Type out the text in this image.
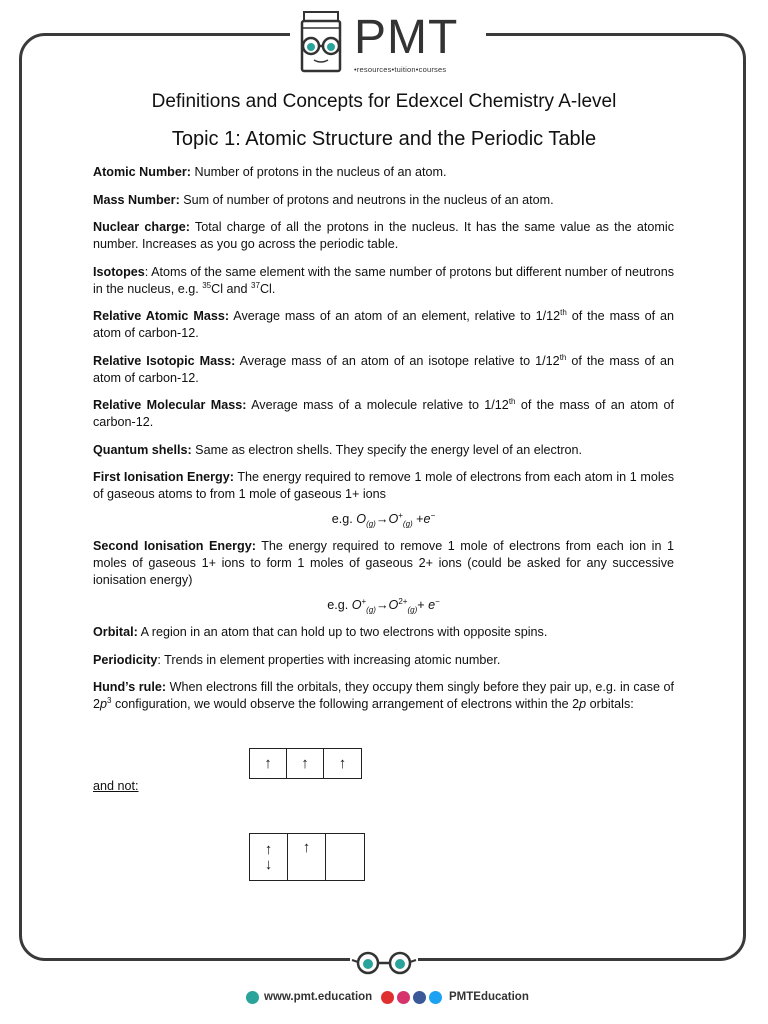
PMT
•resources•tuition•courses
Definitions and Concepts for Edexcel Chemistry A-level
Topic 1: Atomic Structure and the Periodic Table

Atomic Number: Number of protons in the nucleus of an atom.

Mass Number: Sum of number of protons and neutrons in the nucleus of an atom.

Nuclear charge: Total charge of all the protons in the nucleus. It has the same value as the atomic number. Increases as you go across the periodic table.

Isotopes: Atoms of the same element with the same number of protons but different number of neutrons in the nucleus, e.g. $^{35}$Cl and $^{37}$Cl.

Relative Atomic Mass: Average mass of an atom of an element, relative to 1/12th of the mass of an atom of carbon-12.

Relative Isotopic Mass: Average mass of an atom of an isotope relative to 1/12th of the mass of an atom of carbon-12.

Relative Molecular Mass: Average mass of a molecule relative to 1/12th of the mass of an atom of carbon-12.

Quantum shells: Same as electron shells. They specify the energy level of an electron.

First Ionisation Energy: The energy required to remove 1 mole of electrons from each atom in 1 moles of gaseous atoms to from 1 mole of gaseous 1+ ions

e.g. $O_{(g)}\to O^+_{(g)} +e^-$

Second Ionisation Energy: The energy required to remove 1 mole of electrons from each ion in 1 moles of gaseous 1+ ions to form 1 moles of gaseous 2+ ions (could be asked for any successive ionisation energy)

e.g. $O^+_{(g)}\to O^{2+}_{(g)}+ e^-$

Orbital: A region in an atom that can hold up to two electrons with opposite spins.

Periodicity: Trends in element properties with increasing atomic number.

Hund’s rule: When electrons fill the orbitals, they occupy them singly before they pair up, e.g. in case of $2p^3$ configuration, we would observe the following arrangement of electrons within the 2p orbitals:

↑ ↑ ↑
and not:
↑
↓
↑
www.pmt.education	PMTEducation
